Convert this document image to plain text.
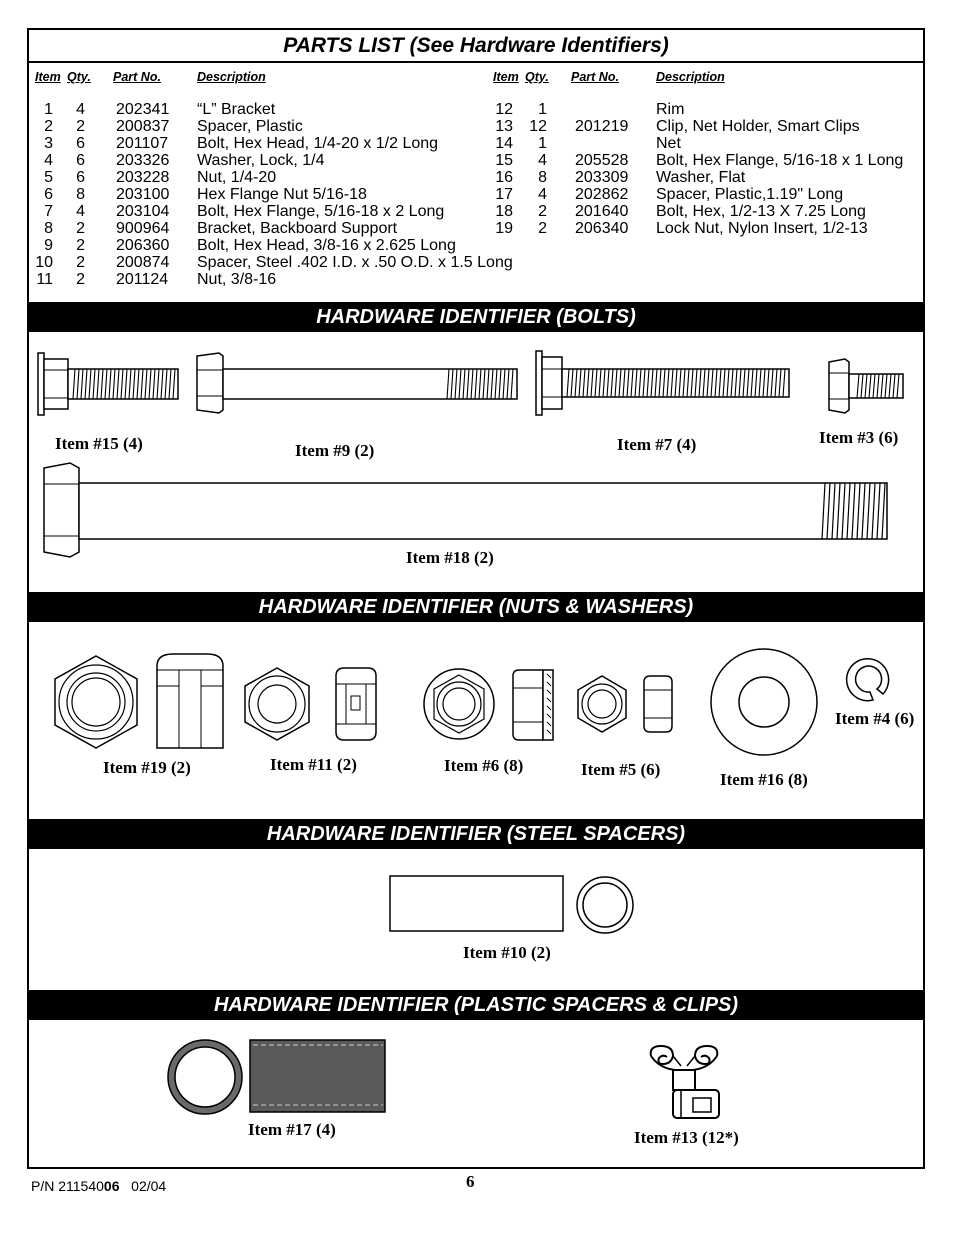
PARTS LIST (See Hardware Identifiers)
Item Qty. Part No.	Description	Item Qty. Part No.	Description
1 4 202341 “L” Bracket
2 2 200837 Spacer, Plastic
3 6 201107 Bolt, Hex Head, 1/4-20 x 1/2 Long
4 6 203326 Washer, Lock, 1/4
5 6 203228 Nut, 1/4-20
6 8 203100 Hex Flange Nut 5/16-18
7 4 203104 Bolt, Hex Flange, 5/16-18 x 2 Long
8 2 900964 Bracket, Backboard Support
9 2 206360 Bolt, Hex Head, 3/8-16 x 2.625 Long
10 2 200874 Spacer, Steel .402 I.D. x .50 O.D. x 1.5 Long
11 2 201124 Nut, 3/8-16
12 1	Rim
13 12 201219 Clip, Net Holder, Smart Clips
14 1	Net
15 4 205528 Bolt, Hex Flange, 5/16-18 x 1 Long
16 8 203309 Washer, Flat
17 4 202862 Spacer, Plastic,1.19" Long
18 2 201640 Bolt, Hex, 1/2-13 X 7.25 Long
19 2 206340 Lock Nut, Nylon Insert, 1/2-13
HARDWARE IDENTIFIER (BOLTS)
Item #15 (4)	Item #9 (2)	Item #7 (4)	Item #3 (6)
Item #18 (2)
HARDWARE IDENTIFIER (NUTS & WASHERS)
Item #19 (2)	Item #11 (2)	Item #6 (8)	Item #5 (6)
Item #16 (8)
Item #4 (6)
HARDWARE IDENTIFIER (STEEL SPACERS)
Item #10 (2)
HARDWARE IDENTIFIER (PLASTIC SPACERS & CLIPS)
Item #17 (4)	Item #13 (12*)
P/N 21154006 02/04	6
